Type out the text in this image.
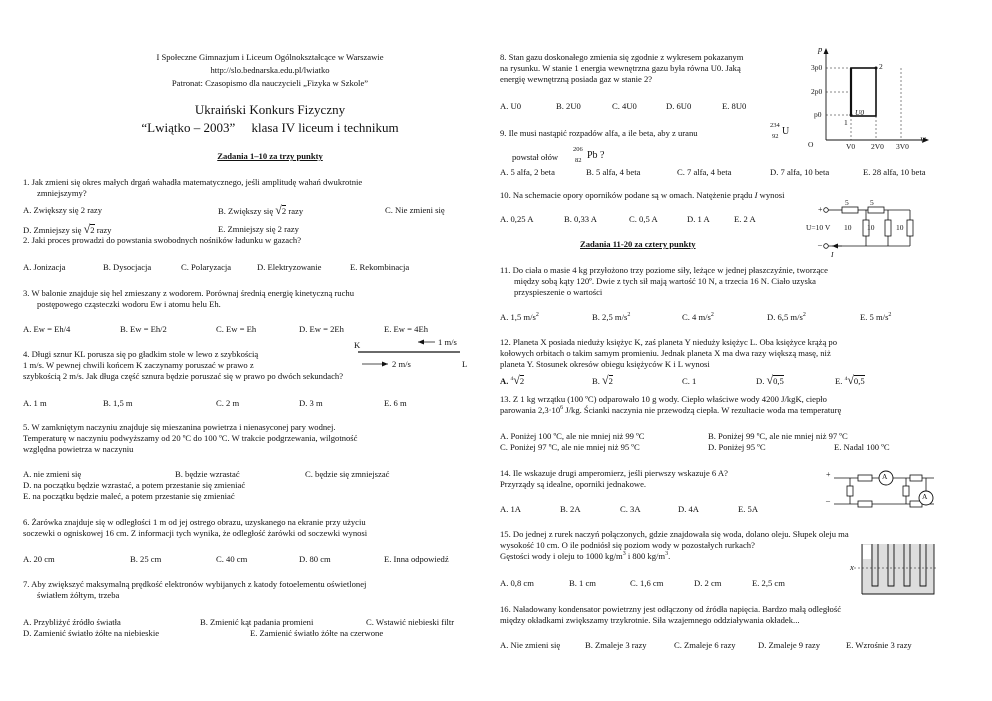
I Społeczne Gimnazjum i Liceum Ogólnokształcące w Warszawie
http://slo.bednarska.edu.pl/lwiatko
Patronat: Czasopismo dla nauczycieli „Fizyka w Szkole”
Ukraiński Konkurs Fizyczny
“Lwiątko – 2003”     klasa IV liceum i technikum
Zadania 1–10 za trzy punkty
1. Jak zmieni się okres małych drgań wahadła matematycznego, jeśli amplitudę wahań dwukrotnie
zmniejszymy?
A. Zwiększy się 2 razy	B. Zwiększy się √2 razy	C. Nie zmieni się
D. Zmniejszy się √2 razy	E. Zmniejszy się 2 razy
2. Jaki proces prowadzi do powstania swobodnych nośników ładunku w gazach?
A. Jonizacja	B. Dysocjacja	C. Polaryzacja	D. Elektryzowanie	E. Rekombinacja
3. W balonie znajduje się hel zmieszany z wodorem. Porównaj średnią energię kinetyczną ruchu
postępowego cząsteczki wodoru Ew i atomu helu Eh.
A. Ew = Eh/4	B. Ew = Eh/2	C. Ew = Eh	D. Ew = 2Eh	E. Ew = 4Eh
4. Długi sznur KL porusza się po gładkim stole w lewo z szybkością
1 m/s. W pewnej chwili końcem K zaczynamy poruszać w prawo z
szybkością 2 m/s. Jak długa część sznura będzie poruszać się w prawo po dwóch sekundach?
K
L
1 m/s
2 m/s
A. 1 m	B. 1,5 m	C. 2 m	D. 3 m	E. 6 m
5. W zamkniętym naczyniu znajduje się mieszanina powietrza i nienasyconej pary wodnej.
Temperaturę w naczyniu podwyższamy od 20 ºC do 100 ºC. W trakcie podgrzewania, wilgotność
względna powietrza w naczyniu
A. nie zmieni się	B. będzie wzrastać	C. będzie się zmniejszać
D. na początku będzie wzrastać, a potem przestanie się zmieniać
E. na początku będzie maleć, a potem przestanie się zmieniać
6. Żarówka znajduje się w odległości 1 m od jej ostrego obrazu, uzyskanego na ekranie przy użyciu
soczewki o ogniskowej 16 cm. Z informacji tych wynika, że odległość żarówki od soczewki wynosi
A. 20 cm	B. 25 cm	C. 40 cm	D. 80 cm	E. Inna odpowiedź
7. Aby zwiększyć maksymalną prędkość elektronów wybijanych z katody fotoelementu oświetlonej
światłem żółtym, trzeba
A. Przybliżyć źródło światła	B. Zmienić kąt padania promieni	C. Wstawić niebieski filtr
D. Zamienić światło żółte na niebieskie	E. Zamienić światło żółte na czerwone
8. Stan gazu doskonałego zmienia się zgodnie z wykresem pokazanym
na rysunku. W stanie 1 energia wewnętrzna gazu była równa U0. Jaką
energię wewnętrzną posiada gaz w stanie 2?
A. U0	B. 2U0	C. 4U0	D. 6U0	E. 8U0
p
V
O
3p0
2p0
p0
V0 2V0 3V0
1
2
U0
9. Ile musi nastąpić rozpadów alfa, a ile beta, aby z uranu
234
92 U
powstał ołów
206
82 Pb ?
A. 5 alfa, 2 beta	B. 5 alfa, 4 beta	C. 7 alfa, 4 beta	D. 7 alfa, 10 beta	E. 28 alfa, 10 beta
10. Na schemacie opory oporników podane są w omach. Natężenie prądu I wynosi
A. 0,25 A	B. 0,33 A	C. 0,5 A	D. 1 A	E. 2 A
+
–
5	5
U=10 V 10 10	10
I
Zadania 11-20 za cztery punkty
11. Do ciała o masie 4 kg przyłożono trzy poziome siły, leżące w jednej płaszczyźnie, tworzące
między sobą kąty 120º. Dwie z tych sił mają wartość 10 N, a trzecia 16 N. Ciało uzyska
przyspieszenie o wartości
A. 1,5 $m/s^2$	B. 2,5 $m/s^2$	C. 4 $m/s^2$	D. 6,5 $m/s^2$	E. 5 $m/s^2$
12. Planeta X posiada nieduży księżyc K, zaś planeta Y nieduży księżyc L. Oba księżyce krążą po
kołowych orbitach o takim samym promieniu. Jednak planeta X ma dwa razy większą masę, niż
planeta Y. Stosunek okresów obiegu księżyców K i L wynosi
A. $^4$√2	B. √2	C. 1	D. √0,5	E. $^4$√0,5
13. Z 1 kg wrzątku (100 ºC) odparowało 10 g wody. Ciepło właściwe wody 4200 J/kgK, ciepło
parowania $2,3\cdot 10^6$ J/kg. Ścianki naczynia nie przewodzą ciepła. W rezultacie woda ma temperaturę
A. Poniżej 100 ºC, ale nie mniej niż 99 ºC	B. Poniżej 99 ºC, ale nie mniej niż 97 ºC
C. Poniżej 97 ºC, ale nie mniej niż 95 ºC	D. Poniżej 95 ºC	E. Nadal 100 ºC
14. Ile wskazuje drugi amperomierz, jeśli pierwszy wskazuje 6 A?
Przyrządy są idealne, oporniki jednakowe.
A. 1A	B. 2A	C. 3A	D. 4A	E. 5A
A
A
+
–
15. Do jednej z rurek naczyń połączonych, gdzie znajdowała się woda, dolano oleju. Słupek oleju ma
wysokość 10 cm. O ile podniósł się poziom wody w pozostałych rurkach?
Gęstości wody i oleju to 1000 $kg/m^3$ i 800 $kg/m^3$.
A. 0,8 cm	B. 1 cm	C. 1,6 cm	D. 2 cm	E. 2,5 cm
x
16. Naładowany kondensator powietrzny jest odłączony od źródła napięcia. Bardzo małą odległość
między okładkami zwiększamy trzykrotnie. Siła wzajemnego oddziaływania okładek...
A. Nie zmieni się	B. Zmaleje 3 razy	C. Zmaleje 6 razy	D. Zmaleje 9 razy	E. Wzrośnie 3 razy
